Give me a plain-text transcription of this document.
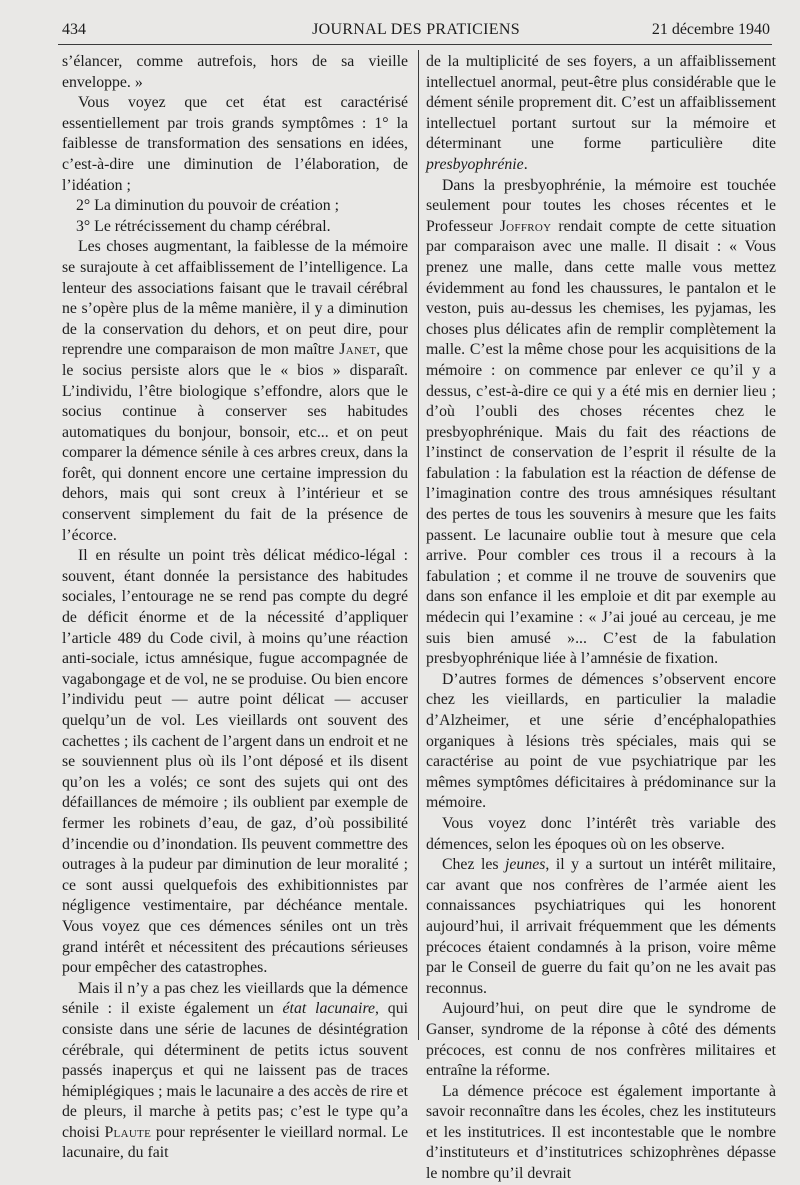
434	JOURNAL DES PRATICIENS	21 décembre 1940

s’élancer, comme autrefois, hors de sa vieille enveloppe. »

Vous voyez que cet état est caractérisé essentiellement par trois grands symptômes : 1° la faiblesse de transformation des sensations en idées, c’est-à-dire une diminution de l’élaboration, de l’idéation ;

2° La diminution du pouvoir de création ;

3° Le rétrécissement du champ cérébral.

Les choses augmentant, la faiblesse de la mémoire se surajoute à cet affaiblissement de l’intelligence. La lenteur des associations faisant que le travail cérébral ne s’opère plus de la même manière, il y a diminution de la conservation du dehors, et on peut dire, pour reprendre une comparaison de mon maître Janet, que le socius persiste alors que le « bios » disparaît. L’individu, l’être biologique s’effondre, alors que le socius continue à conserver ses habitudes automatiques du bonjour, bonsoir, etc... et on peut comparer la démence sénile à ces arbres creux, dans la forêt, qui donnent encore une certaine impression du dehors, mais qui sont creux à l’intérieur et se conservent simplement du fait de la présence de l’écorce.

Il en résulte un point très délicat médico-légal : souvent, étant donnée la persistance des habitudes sociales, l’entourage ne se rend pas compte du degré de déficit énorme et de la nécessité d’appliquer l’article 489 du Code civil, à moins qu’une réaction anti-sociale, ictus amnésique, fugue accompagnée de vagabongage et de vol, ne se produise. Ou bien encore l’individu peut — autre point délicat — accuser quelqu’un de vol. Les vieillards ont souvent des cachettes ; ils cachent de l’argent dans un endroit et ne se souviennent plus où ils l’ont déposé et ils disent qu’on les a volés; ce sont des sujets qui ont des défaillances de mémoire ; ils oublient par exemple de fermer les robinets d’eau, de gaz, d’où possibilité d’incendie ou d’inondation. Ils peuvent commettre des outrages à la pudeur par diminution de leur moralité ; ce sont aussi quelquefois des exhibitionnistes par négligence vestimentaire, par déchéance mentale. Vous voyez que ces démences séniles ont un très grand intérêt et nécessitent des précautions sérieuses pour empêcher des catastrophes.

Mais il n’y a pas chez les vieillards que la démence sénile : il existe également un état lacunaire, qui consiste dans une série de lacunes de désintégration cérébrale, qui déterminent de petits ictus souvent passés inaperçus et qui ne laissent pas de traces hémiplégiques ; mais le lacunaire a des accès de rire et de pleurs, il marche à petits pas; c’est le type qu’a choisi Plaute pour représenter le vieillard normal. Le lacunaire, du fait

de la multiplicité de ses foyers, a un affaiblissement intellectuel anormal, peut-être plus considérable que le dément sénile proprement dit. C’est un affaiblissement intellectuel portant surtout sur la mémoire et déterminant une forme particulière dite presbyophrénie.

Dans la presbyophrénie, la mémoire est touchée seulement pour toutes les choses récentes et le Professeur Joffroy rendait compte de cette situation par comparaison avec une malle. Il disait : « Vous prenez une malle, dans cette malle vous mettez évidemment au fond les chaussures, le pantalon et le veston, puis au-dessus les chemises, les pyjamas, les choses plus délicates afin de remplir complètement la malle. C’est la même chose pour les acquisitions de la mémoire : on commence par enlever ce qu’il y a dessus, c’est-à-dire ce qui y a été mis en dernier lieu ; d’où l’oubli des choses récentes chez le presbyophrénique. Mais du fait des réactions de l’instinct de conservation de l’esprit il résulte de la fabulation : la fabulation est la réaction de défense de l’imagination contre des trous amnésiques résultant des pertes de tous les souvenirs à mesure que les faits passent. Le lacunaire oublie tout à mesure que cela arrive. Pour combler ces trous il a recours à la fabulation ; et comme il ne trouve de souvenirs que dans son enfance il les emploie et dit par exemple au médecin qui l’examine : « J’ai joué au cerceau, je me suis bien amusé »... C’est de la fabulation presbyophrénique liée à l’amnésie de fixation.

D’autres formes de démences s’observent encore chez les vieillards, en particulier la maladie d’Alzheimer, et une série d’encéphalopathies organiques à lésions très spéciales, mais qui se caractérise au point de vue psychiatrique par les mêmes symptômes déficitaires à prédominance sur la mémoire.

Vous voyez donc l’intérêt très variable des démences, selon les époques où on les observe.

Chez les jeunes, il y a surtout un intérêt militaire, car avant que nos confrères de l’armée aient les connaissances psychiatriques qui les honorent aujourd’hui, il arrivait fréquemment que les déments précoces étaient condamnés à la prison, voire même par le Conseil de guerre du fait qu’on ne les avait pas reconnus.

Aujourd’hui, on peut dire que le syndrome de Ganser, syndrome de la réponse à côté des déments précoces, est connu de nos confrères militaires et entraîne la réforme.

La démence précoce est également importante à savoir reconnaître dans les écoles, chez les instituteurs et les institutrices. Il est incontestable que le nombre d’instituteurs et d’institutrices schizophrènes dépasse le nombre qu’il devrait
